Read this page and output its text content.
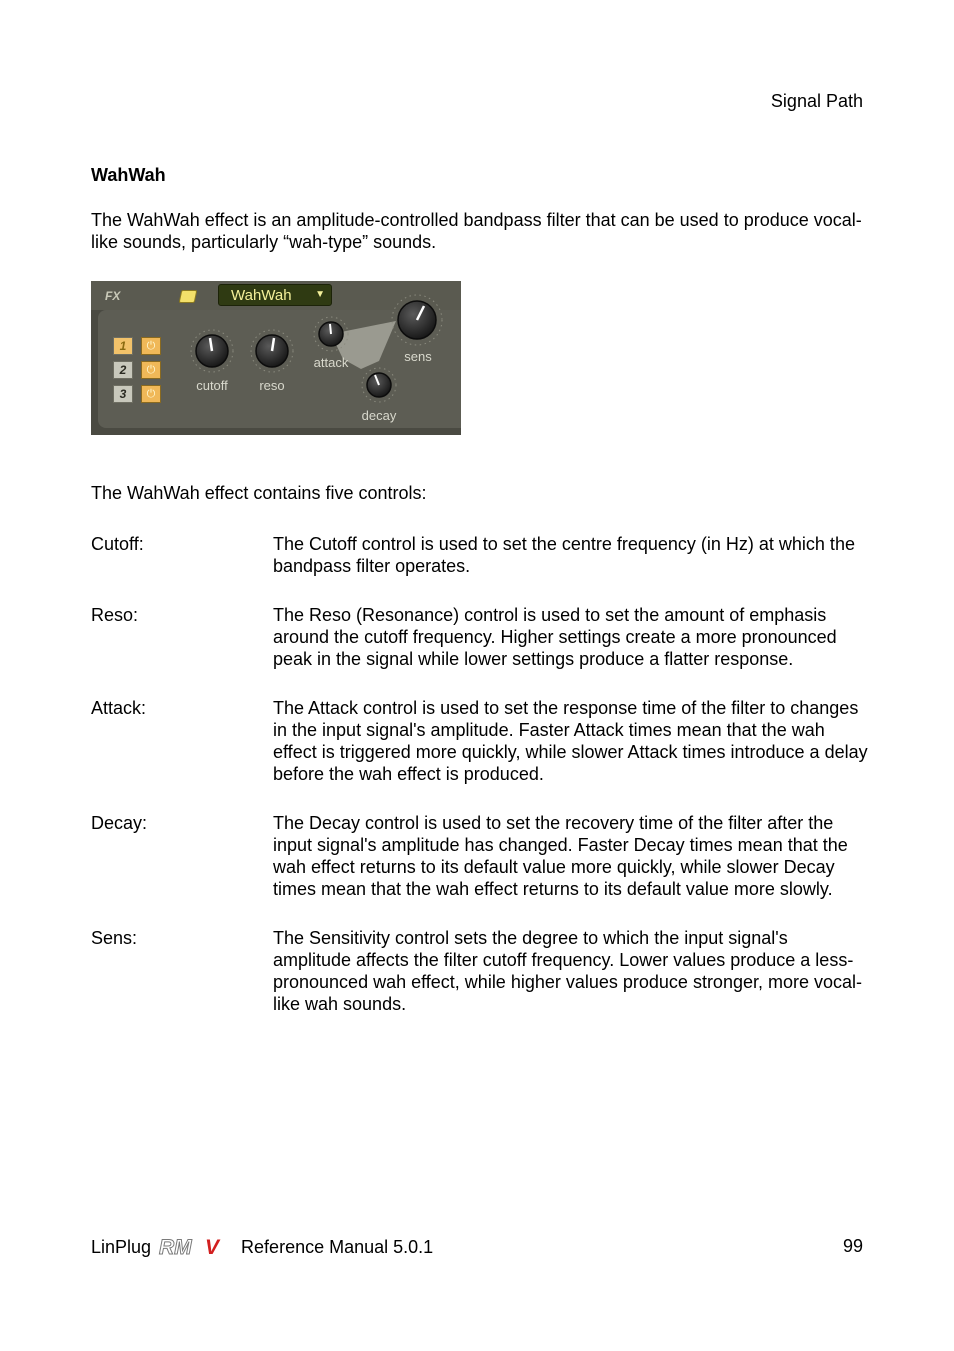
Signal Path
WahWah
The WahWah effect is an amplitude-controlled bandpass filter that can be used to produce vocal-like sounds, particularly “wah-type” sounds.
FX	WahWah ▼
1
2
3
⏻
⏻
⏻
cutoff	reso
attack	sens
decay
The WahWah effect contains five controls:
Cutoff:	The Cutoff control is used to set the centre frequency (in Hz) at which the bandpass filter operates.
Reso:	The Reso (Resonance) control is used to set the amount of emphasis around the cutoff frequency. Higher settings create a more pronounced peak in the signal while lower settings produce a flatter response.
Attack:	The Attack control is used to set the response time of the filter to changes in the input signal's amplitude. Faster Attack times mean that the wah effect is triggered more quickly, while slower Attack times introduce a delay before the wah effect is produced.
Decay:	The Decay control is used to set the recovery time of the filter after the input signal's amplitude has changed. Faster Decay times mean that the wah effect returns to its default value more quickly, while slower Decay times mean that the wah effect returns to its default value more slowly.
Sens:	The Sensitivity control sets the degree to which the input signal's amplitude affects the filter cutoff frequency. Lower values produce a less-pronounced wah effect, while higher values produce stronger, more vocal-like wah sounds.
LinPlug RM V Reference Manual 5.0.1	99
